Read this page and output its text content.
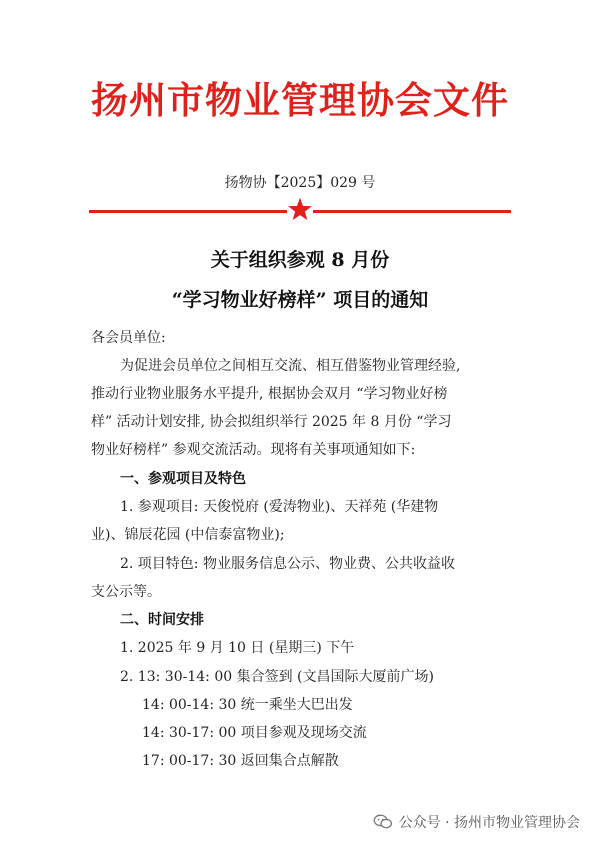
扬州市物业管理协会文件
扬物协【2025】029 号
关于组织参观 8 月份
“学习物业好榜样” 项目的通知
各会员单位:
为促进会员单位之间相互交流、相互借鉴物业管理经验,
推动行业物业服务水平提升, 根据协会双月 “学习物业好榜
样” 活动计划安排, 协会拟组织举行 2025 年 8 月份 “学习
物业好榜样” 参观交流活动。现将有关事项通知如下:
一、参观项目及特色
1. 参观项目: 天俊悦府 (爱涛物业)、天祥苑 (华建物
业)、锦辰花园 (中信泰富物业);
2. 项目特色: 物业服务信息公示、物业费、公共收益收
支公示等。
二、时间安排
1. 2025 年 9 月 10 日 (星期三) 下午
2. 13: 30-14: 00 集合签到 (文昌国际大厦前广场)
14: 00-14: 30 统一乘坐大巴出发
14: 30-17: 00 项目参观及现场交流
17: 00-17: 30 返回集合点解散
公众号 · 扬州市物业管理协会
